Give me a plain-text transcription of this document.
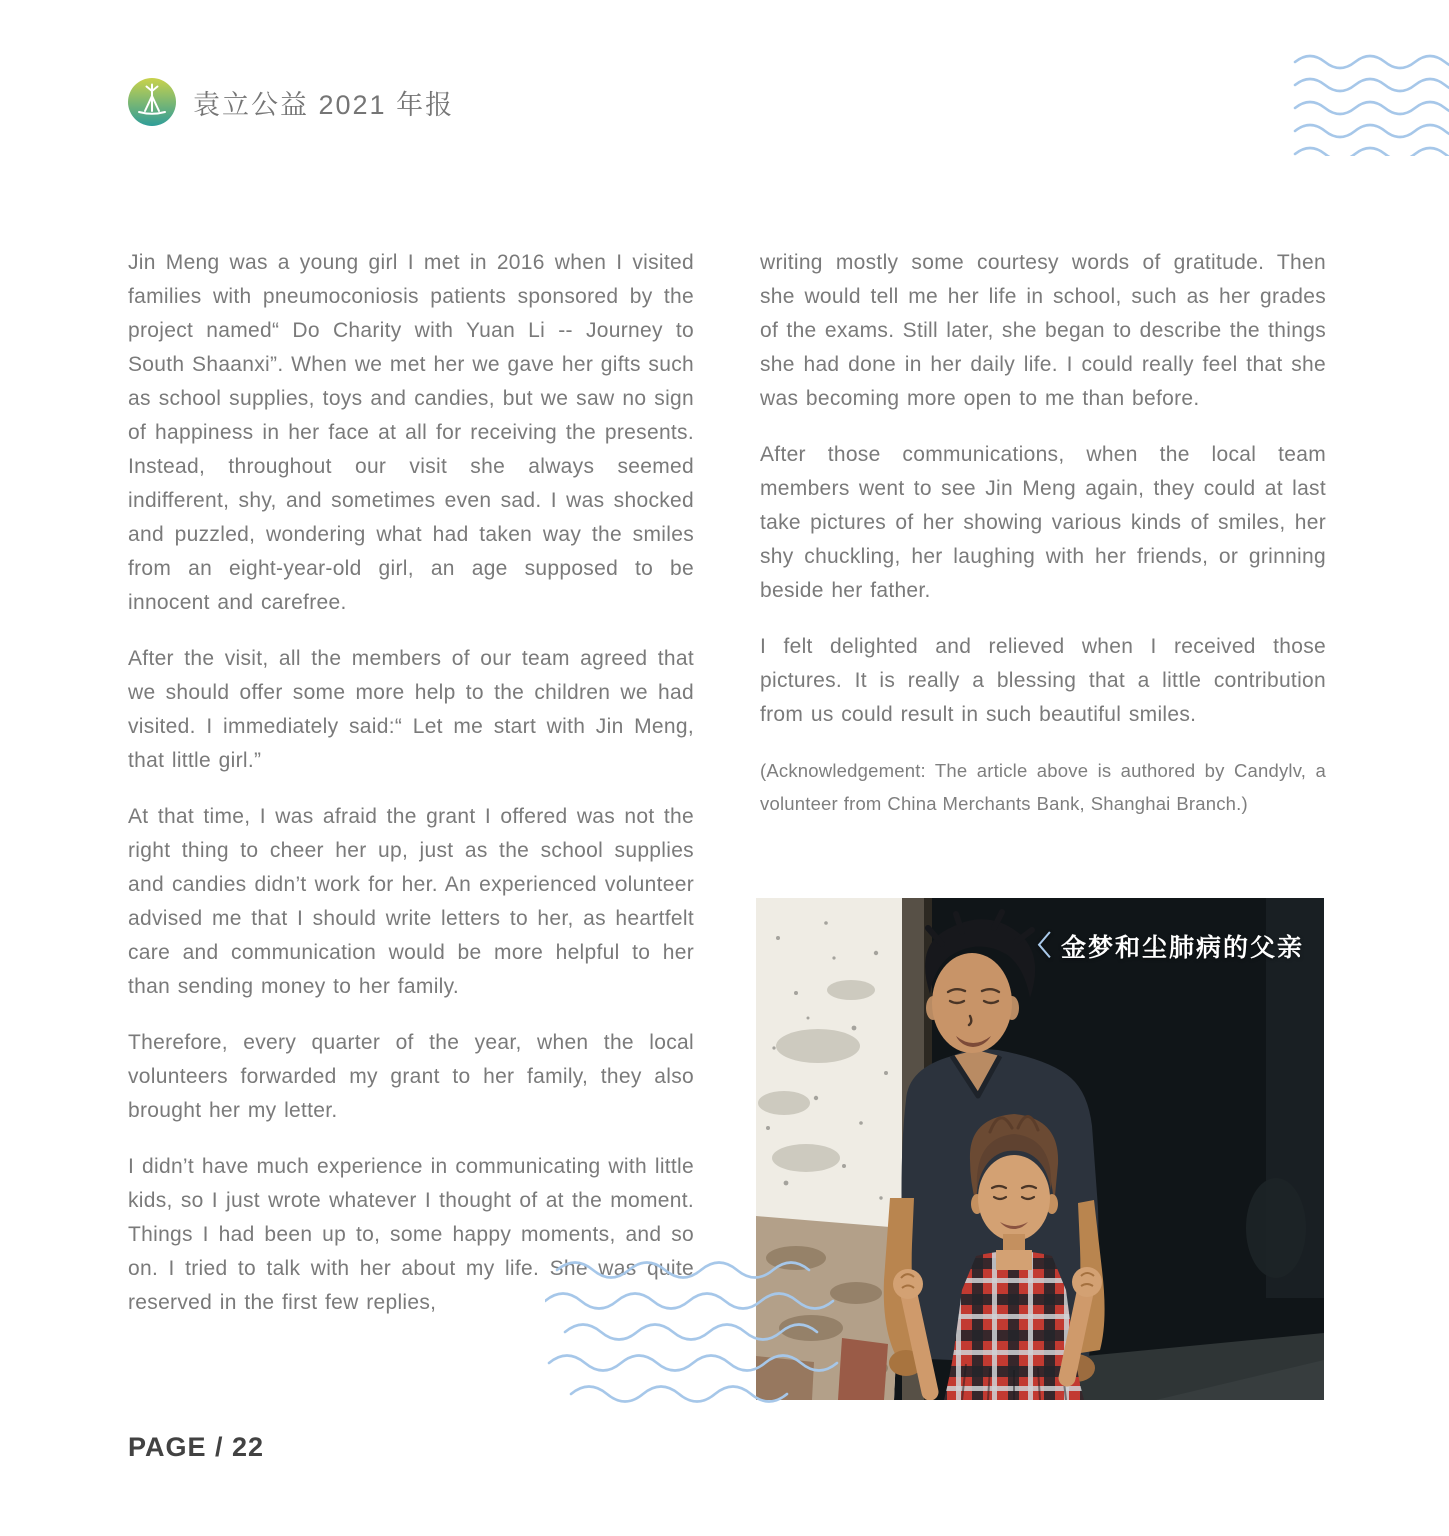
袁立公益 2021 年报

Jin Meng was a young girl I met in 2016 when I visited families with pneumoconiosis patients sponsored by the project named“ Do Charity with Yuan Li -- Journey to South Shaanxi”. When we met her we gave her gifts such as school supplies, toys and candies, but we saw no sign of happiness in her face at all for receiving the presents. Instead, throughout our visit she always seemed indifferent, shy, and sometimes even sad. I was shocked and puzzled, wondering what had taken way the smiles from an eight-year-old girl, an age supposed to be innocent and carefree.

After the visit, all the members of our team agreed that we should offer some more help to the children we had visited. I immediately said:“ Let me start with Jin Meng, that little girl.”

At that time, I was afraid the grant I offered was not the right thing to cheer her up, just as the school supplies and candies didn’t work for her. An experienced volunteer advised me that I should write letters to her, as heartfelt care and communication would be more helpful to her than sending money to her family.

Therefore, every quarter of the year, when the local volunteers forwarded my grant to her family, they also brought her my letter.

I didn’t have much experience in communicating with little kids, so I just wrote whatever I thought of at the moment. Things I had been up to, some happy moments, and so on. I tried to talk with her about my life. She was quite reserved in the first few replies,

writing mostly some courtesy words of gratitude. Then she would tell me her life in school, such as her grades of the exams. Still later, she began to describe the things she had done in her daily life. I could really feel that she was becoming more open to me than before.

After those communications, when the local team members went to see Jin Meng again, they could at last take pictures of her showing various kinds of smiles, her shy chuckling, her laughing with her friends, or grinning beside her father.

I felt delighted and relieved when I received those pictures. It is really a blessing that a little contribution from us could result in such beautiful smiles.

(Acknowledgement: The article above is authored by Candylv, a volunteer from China Merchants Bank, Shanghai Branch.)

〈 金梦和尘肺病的父亲
PAGE / 22
